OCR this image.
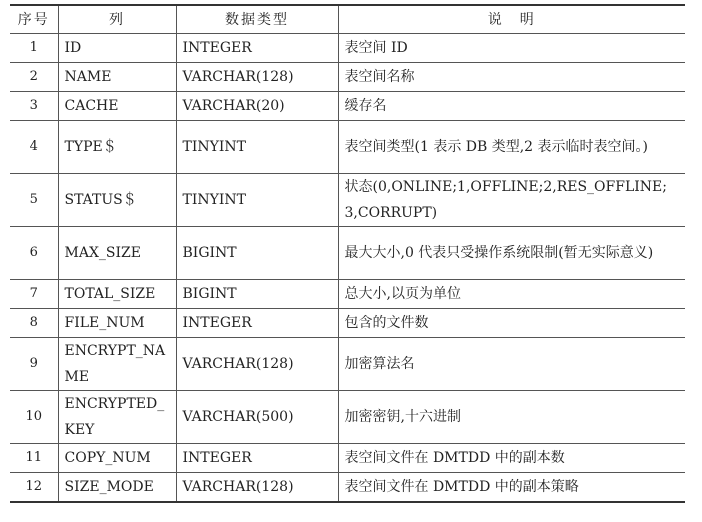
序号	列	数据类型	说　明
1	ID	INTEGER	表空间 ID
2	NAME	VARCHAR(128)	表空间名称
3	CACHE	VARCHAR(20)	缓存名
4	TYPE＄	TINYINT	表空间类型(1 表示 DB 类型,2 表示临时表空间。)
5	STATUS＄	TINYINT	状态(0,ONLINE;1,OFFLINE;2,RES_OFFLINE;3,CORRUPT)
6	MAX_SIZE	BIGINT	最大大小,0 代表只受操作系统限制(暂无实际意义)
7	TOTAL_SIZE	BIGINT	总大小,以页为单位
8	FILE_NUM	INTEGER	包含的文件数
9	ENCRYPT_NAME	VARCHAR(128)	加密算法名
10	ENCRYPTED_KEY	VARCHAR(500)	加密密钥,十六进制
11	COPY_NUM	INTEGER	表空间文件在 DMTDD 中的副本数
12	SIZE_MODE	VARCHAR(128)	表空间文件在 DMTDD 中的副本策略
